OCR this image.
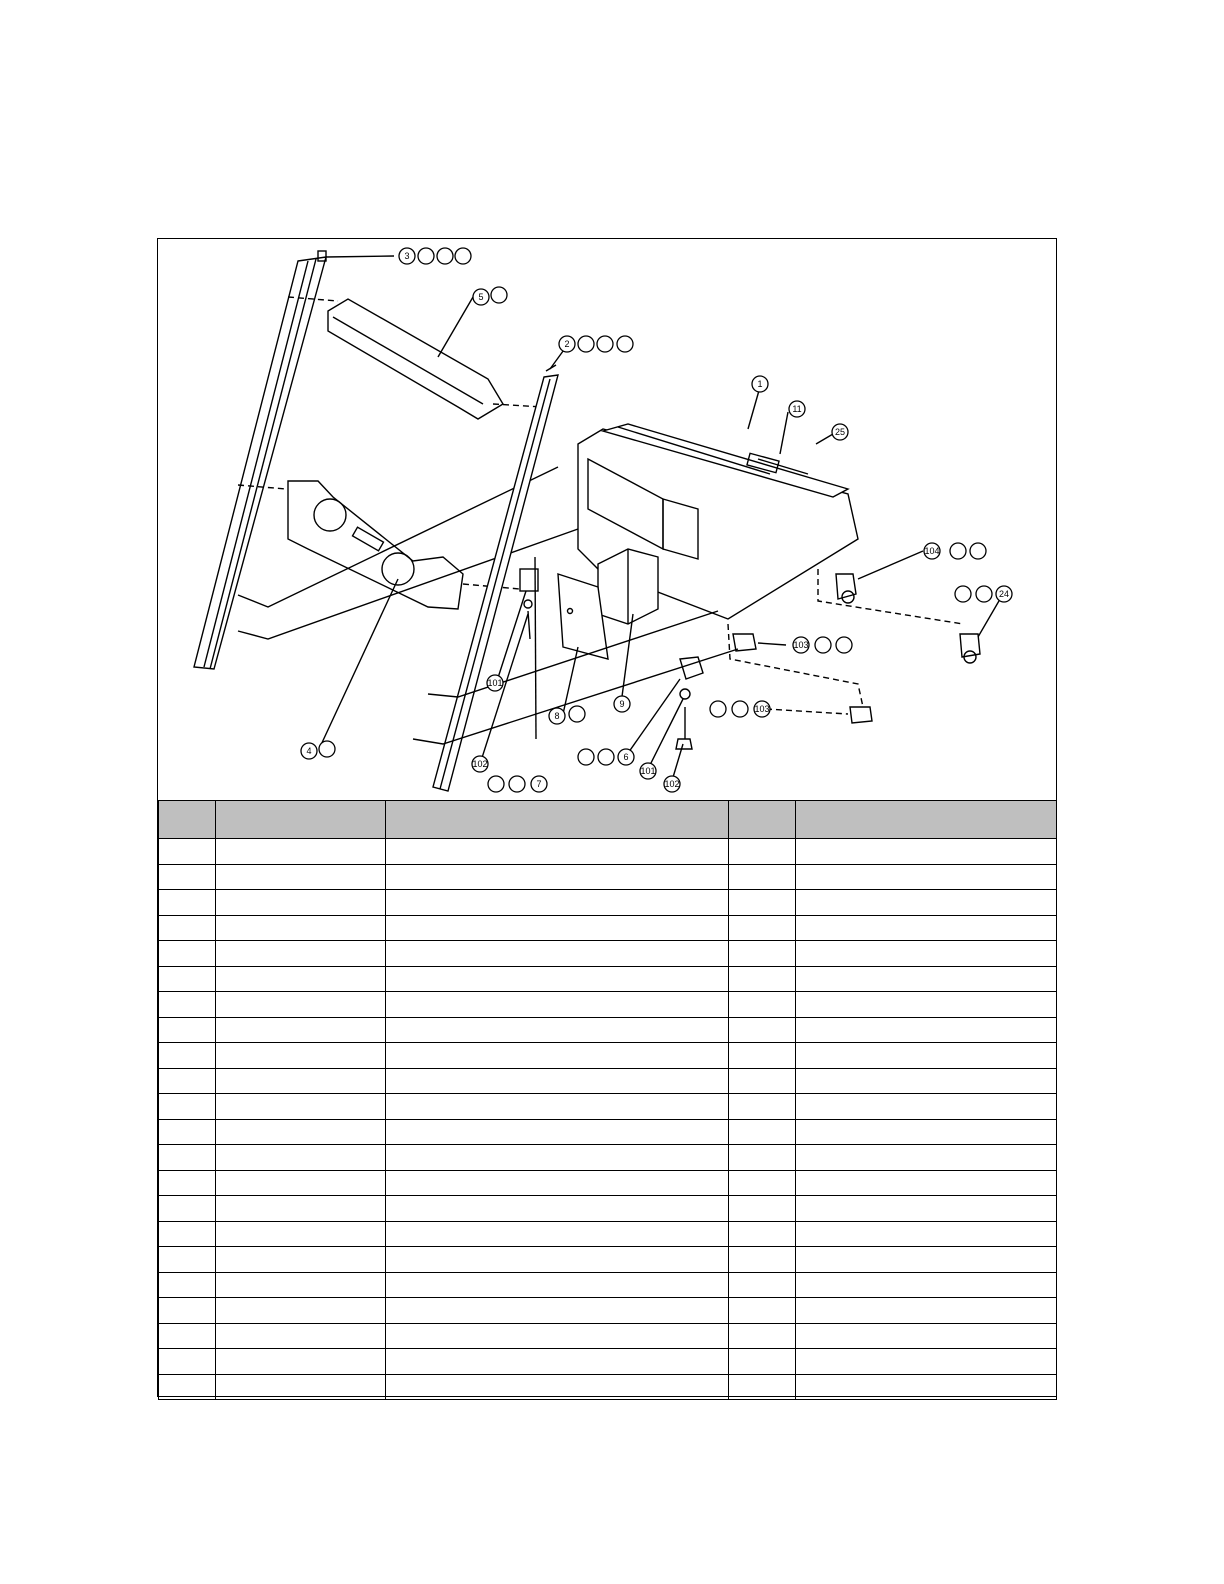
3
5
2
1
11
25
104
24
103
9
8
6
4
7
102
102
101
101
103
